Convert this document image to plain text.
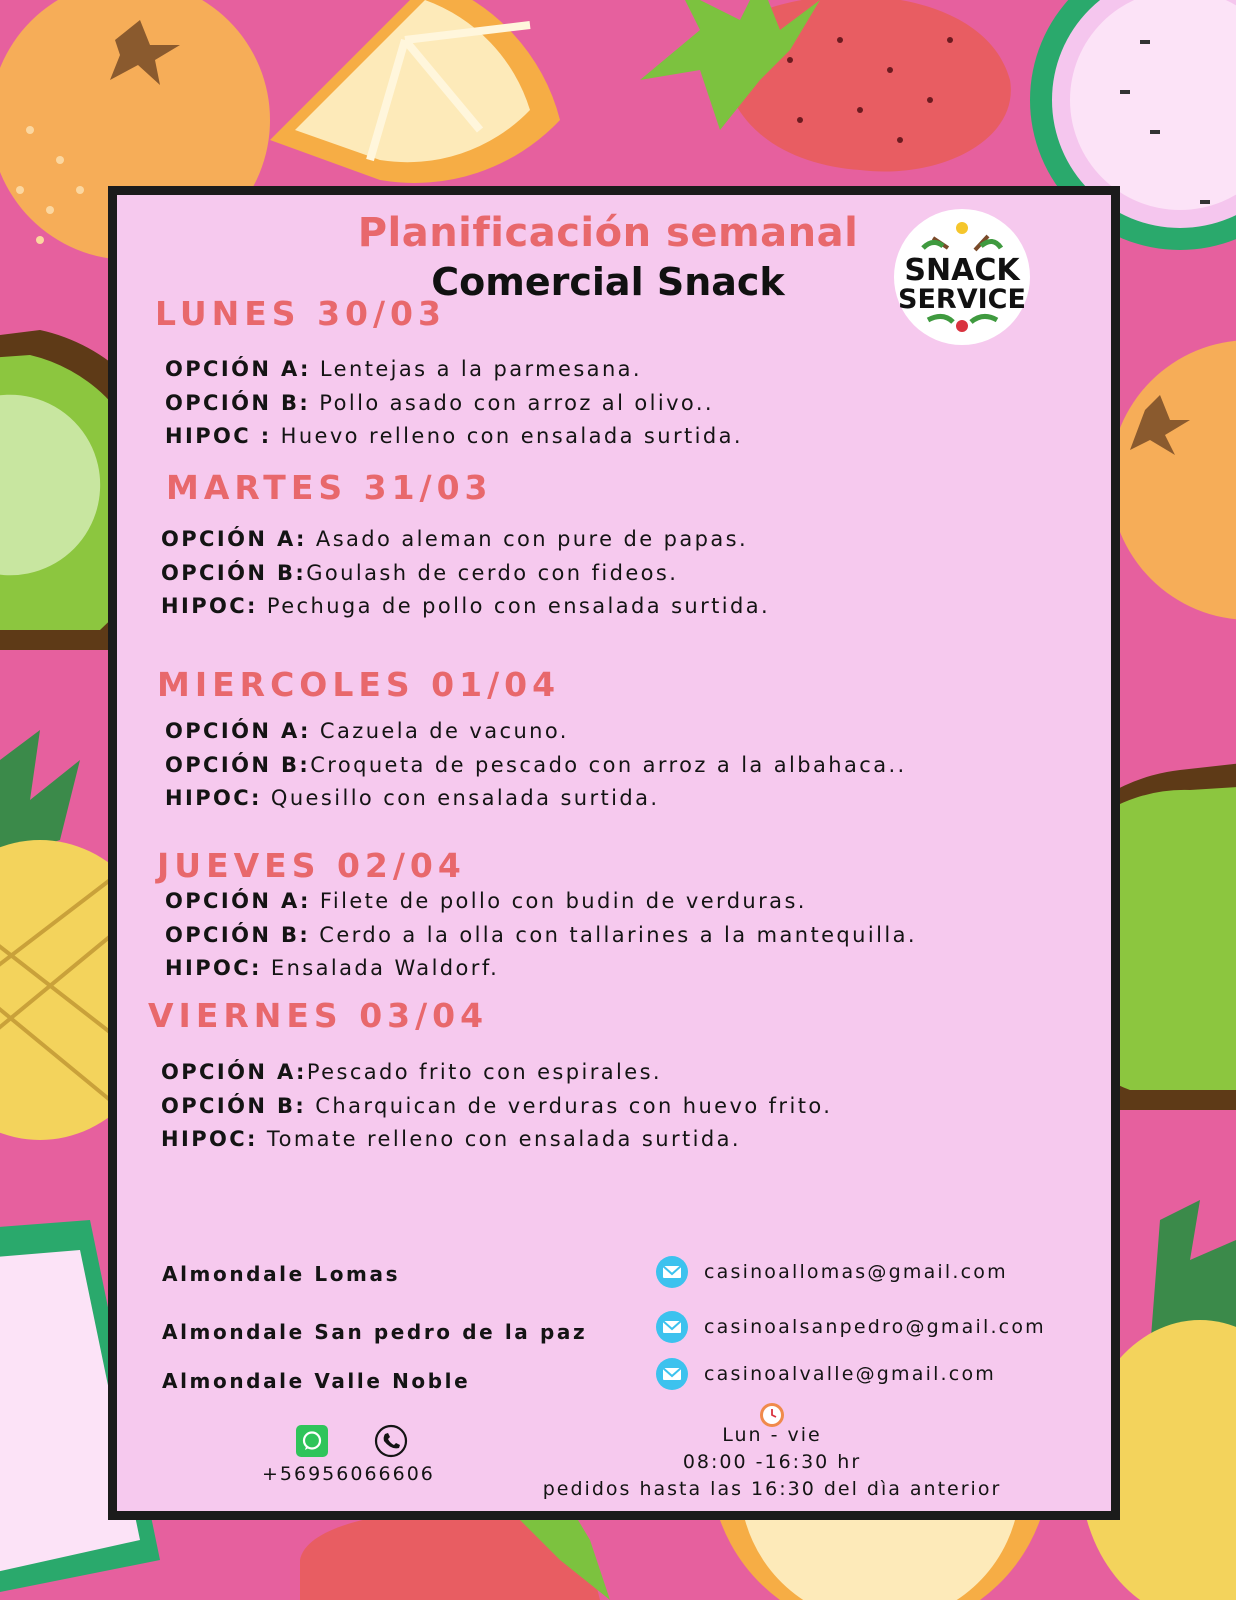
Planificación semanal
Comercial Snack	SNACK
SERVICE
LUNES 30/03
OPCIÓN A: Lentejas a la parmesana.
OPCIÓN B: Pollo asado con arroz al olivo..
HIPOC : Huevo relleno con ensalada surtida.
MARTES 31/03
OPCIÓN A: Asado aleman con pure de papas.
OPCIÓN B:Goulash de cerdo con fideos.
HIPOC: Pechuga de pollo con ensalada surtida.
MIERCOLES 01/04
OPCIÓN A: Cazuela de vacuno.
OPCIÓN B:Croqueta de pescado con arroz a la albahaca..
HIPOC: Quesillo con ensalada surtida.
JUEVES 02/04
OPCIÓN A: Filete de pollo con budin de verduras.
OPCIÓN B: Cerdo a la olla con tallarines a la mantequilla.
HIPOC: Ensalada Waldorf.
VIERNES 03/04
OPCIÓN A:Pescado frito con espirales.
OPCIÓN B: Charquican de verduras con huevo frito.
HIPOC: Tomate relleno con ensalada surtida.
Almondale Lomas
Almondale San pedro de la paz
Almondale Valle Noble
casinoallomas@gmail.com
casinoalsanpedro@gmail.com
casinoalvalle@gmail.com
+56956066606
Lun - vie
08:00 -16:30 hr
pedidos hasta las 16:30 del dìa anterior
